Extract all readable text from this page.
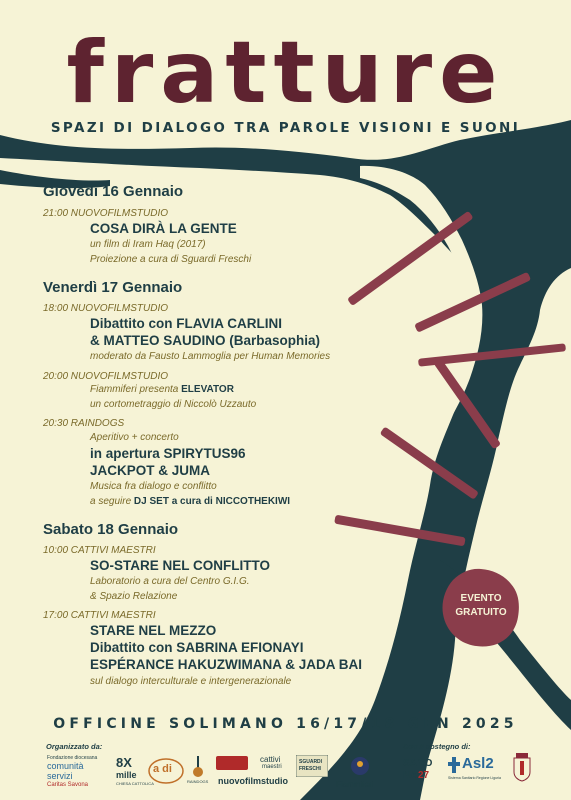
fratture
SPAZI DI DIALOGO TRA PAROLE VISIONI E SUONI
Giovedì 16 Gennaio
21:00 NUOVOFILMSTUDIO
COSA DIRÀ LA GENTE
un film di Iram Haq (2017)
Proiezione a cura di Sguardi Freschi
Venerdì 17 Gennaio
18:00 NUOVOFILMSTUDIO
Dibattito con FLAVIA CARLINI
& MATTEO SAUDINO (Barbasophia)
moderato da Fausto Lammoglia per Human Memories
20:00 NUOVOFILMSTUDIO
Fiammiferi presenta ELEVATOR
un cortometraggio di Niccolò Uzzauto
20:30 RAINDOGS
Aperitivo + concerto
in apertura SPIRYTUS96
JACKPOT & JUMA
Musica fra dialogo e conflitto
a seguire DJ SET a cura di NICCOTHEKIWI
Sabato 18 Gennaio
10:00 CATTIVI MAESTRI
SO-STARE NEL CONFLITTO
Laboratorio a cura del Centro G.I.G.
& Spazio Relazione
17:00 CATTIVI MAESTRI
STARE NEL MEZZO
Dibattito con SABRINA EFIONAYI
ESPÉRANCE HAKUZWIMANA & JADA BAI
sul dialogo interculturale e intergenerazionale
EVENTO
GRATUITO
OFFICINE SOLIMANO 16/17/18 GEN 2025
Organizzato da:	Con il sostegno di:
Fondazione diocesana
comunità
servizi
Caritas Savona
8X
mille
CHIESA CATTOLICA
a di
RAINDOGS nuovofilmstudio
cattivi
maestri
SGUARDI
FRESCHI
Fiammiferi
SA VO
NA 27
Asl2
Sistema Sanitario Regione Liguria
